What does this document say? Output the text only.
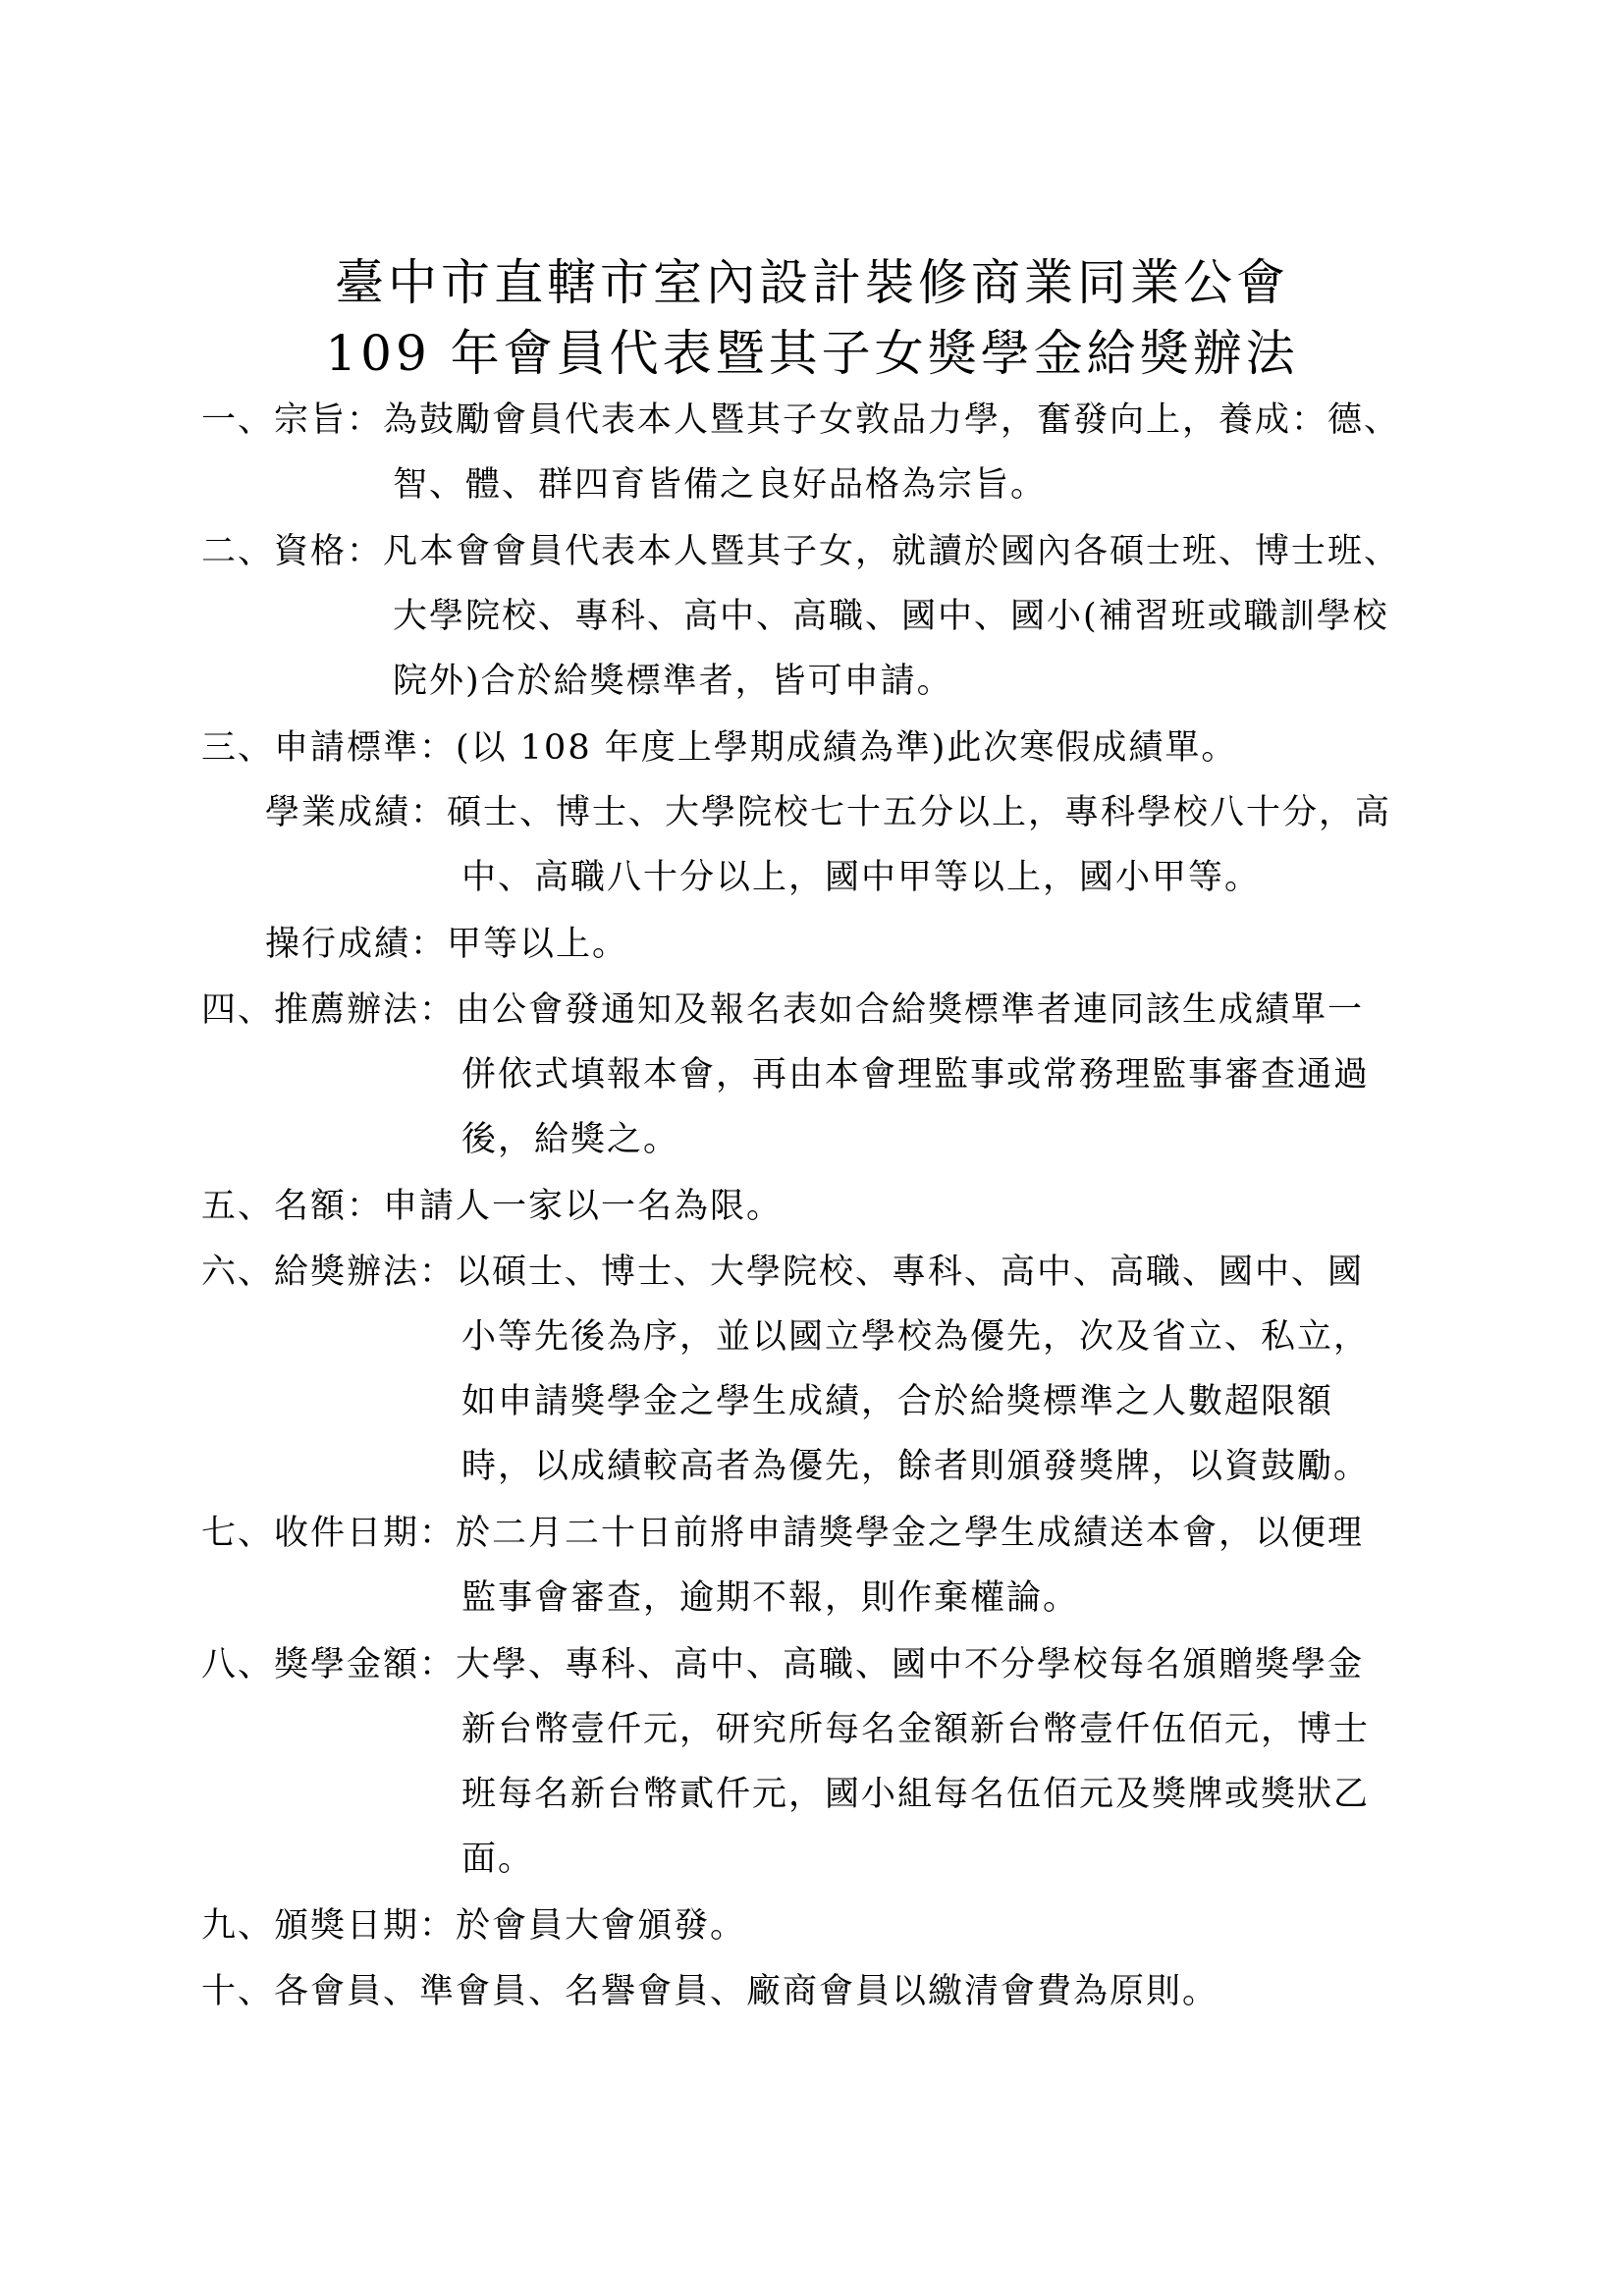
臺中市直轄市室內設計裝修商業同業公會
109 年會員代表暨其子女獎學金給獎辦法
一、宗旨：為鼓勵會員代表本人暨其子女敦品力學，奮發向上，養成：德、
智、體、群四育皆備之良好品格為宗旨。
二、資格：凡本會會員代表本人暨其子女，就讀於國內各碩士班、博士班、
大學院校、專科、高中、高職、國中、國小(補習班或職訓學校
院外)合於給獎標準者，皆可申請。
三、申請標準：(以 108 年度上學期成績為準)此次寒假成績單。
學業成績：碩士、博士、大學院校七十五分以上，專科學校八十分，高
中、高職八十分以上，國中甲等以上，國小甲等。
操行成績：甲等以上。
四、推薦辦法：由公會發通知及報名表如合給獎標準者連同該生成績單一
併依式填報本會，再由本會理監事或常務理監事審查通過
後，給獎之。
五、名額：申請人一家以一名為限。
六、給獎辦法：以碩士、博士、大學院校、專科、高中、高職、國中、國
小等先後為序，並以國立學校為優先，次及省立、私立，
如申請獎學金之學生成績，合於給獎標準之人數超限額
時，以成績較高者為優先，餘者則頒發獎牌，以資鼓勵。
七、收件日期：於二月二十日前將申請獎學金之學生成績送本會，以便理
監事會審查，逾期不報，則作棄權論。
八、獎學金額：大學、專科、高中、高職、國中不分學校每名頒贈獎學金
新台幣壹仟元，研究所每名金額新台幣壹仟伍佰元，博士
班每名新台幣貳仟元，國小組每名伍佰元及獎牌或獎狀乙
面。
九、頒獎日期：於會員大會頒發。
十、各會員、準會員、名譽會員、廠商會員以繳清會費為原則。
